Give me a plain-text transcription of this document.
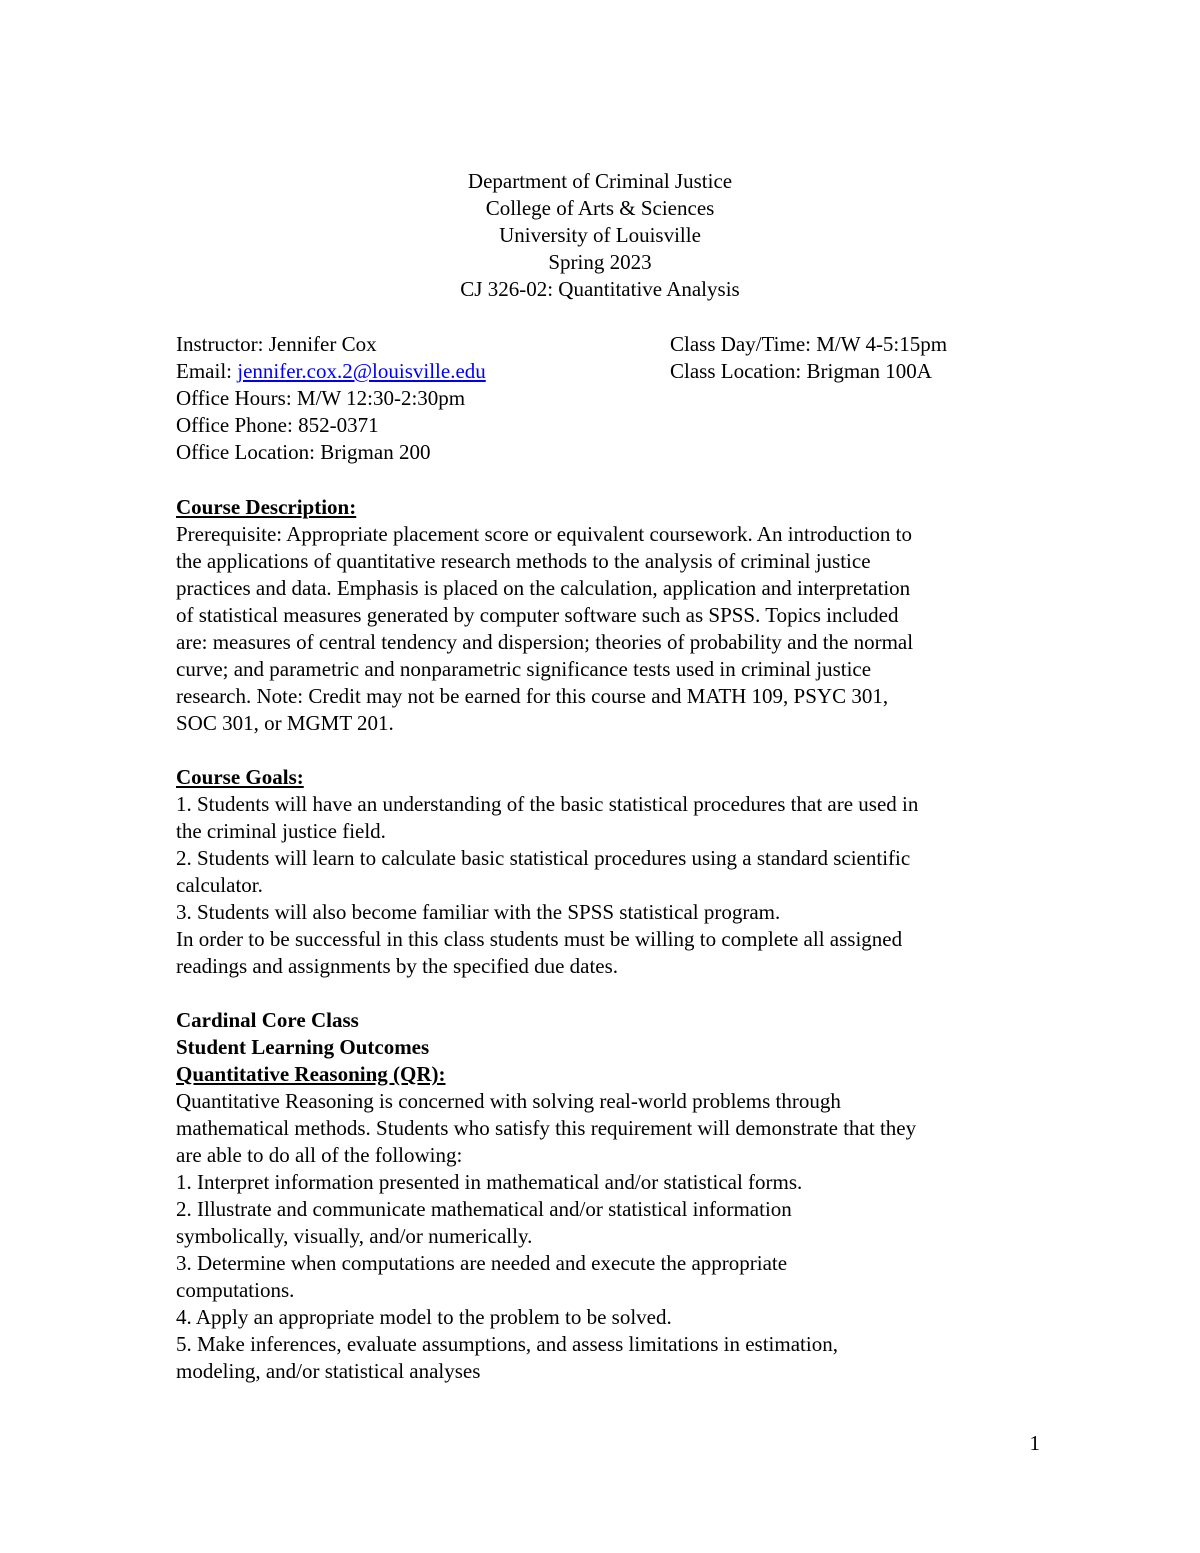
Department of Criminal Justice
College of Arts & Sciences
University of Louisville
Spring 2023
CJ 326-02: Quantitative Analysis
Instructor: Jennifer Cox
Email: jennifer.cox.2@louisville.edu
Office Hours: M/W 12:30-2:30pm
Office Phone: 852-0371
Office Location: Brigman 200
Class Day/Time: M/W 4-5:15pm
Class Location: Brigman 100A
Course Description:
Prerequisite: Appropriate placement score or equivalent coursework. An introduction to
the applications of quantitative research methods to the analysis of criminal justice
practices and data. Emphasis is placed on the calculation, application and interpretation
of statistical measures generated by computer software such as SPSS. Topics included
are: measures of central tendency and dispersion; theories of probability and the normal
curve; and parametric and nonparametric significance tests used in criminal justice
research. Note: Credit may not be earned for this course and MATH 109, PSYC 301,
SOC 301, or MGMT 201.
Course Goals:
1. Students will have an understanding of the basic statistical procedures that are used in
the criminal justice field.
2. Students will learn to calculate basic statistical procedures using a standard scientific
calculator.
3. Students will also become familiar with the SPSS statistical program.
In order to be successful in this class students must be willing to complete all assigned
readings and assignments by the specified due dates.
Cardinal Core Class
Student Learning Outcomes
Quantitative Reasoning (QR):
Quantitative Reasoning is concerned with solving real-world problems through
mathematical methods. Students who satisfy this requirement will demonstrate that they
are able to do all of the following:
1. Interpret information presented in mathematical and/or statistical forms.
2. Illustrate and communicate mathematical and/or statistical information
symbolically, visually, and/or numerically.
3. Determine when computations are needed and execute the appropriate
computations.
4. Apply an appropriate model to the problem to be solved.
5. Make inferences, evaluate assumptions, and assess limitations in estimation,
modeling, and/or statistical analyses
1
